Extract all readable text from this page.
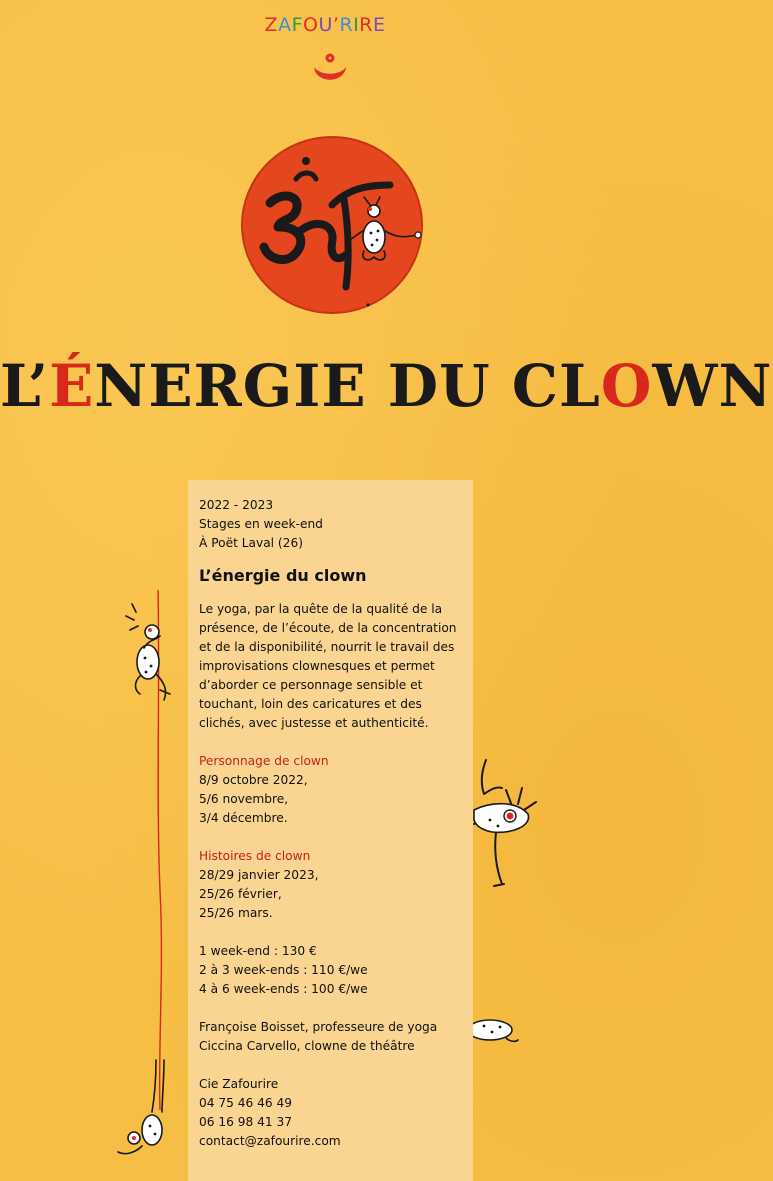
ZAFOU’RIRE
L’ÉNERGIE DU CLOWN

2022 - 2023

Stages en week-end

À Poët Laval (26)

L’énergie du clown

Le yoga, par la quête de la qualité de la présence, de l’écoute, de la concentration et de la disponibilité, nourrit le travail des improvisations clownesques et permet d’aborder ce personnage sensible et touchant, loin des caricatures et des clichés, avec justesse et authenticité.

Personnage de clown

8/9 octobre 2022,

5/6 novembre,

3/4 décembre.

Histoires de clown

28/29 janvier 2023,

25/26 février,

25/26 mars.

1 week-end : 130 €

2 à 3 week-ends : 110 €/we

4 à 6 week-ends : 100 €/we

Françoise Boisset, professeure de yoga

Ciccina Carvello, clowne de théâtre

Cie Zafourire

04 75 46 46 49

06 16 98 41 37

contact@zafourire.com
